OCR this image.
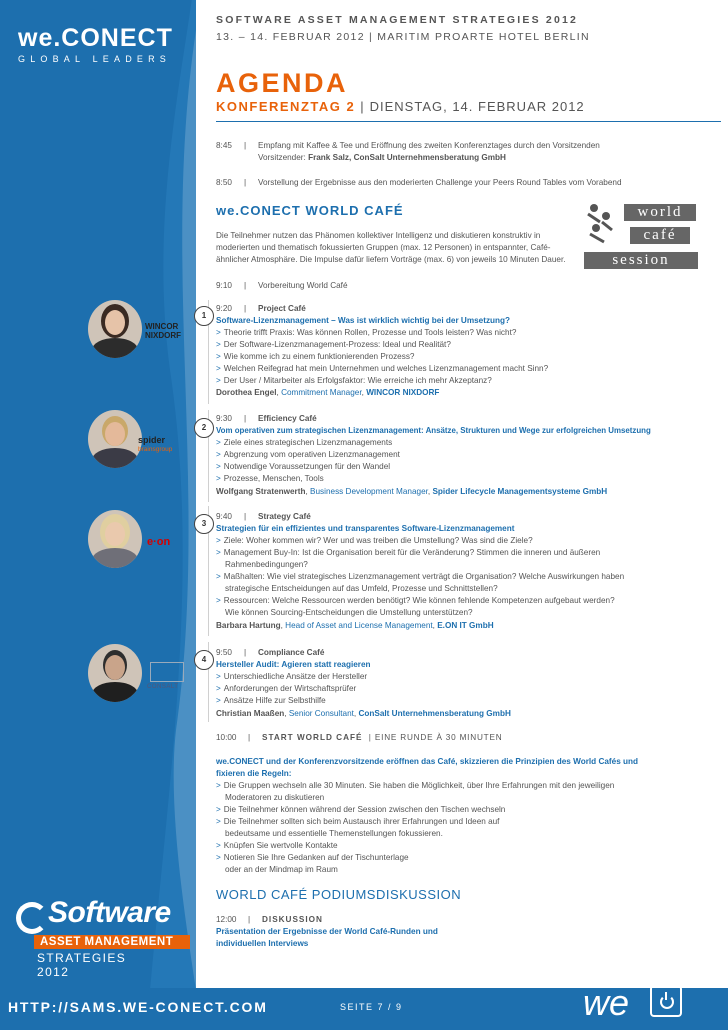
we.CONECT
GLOBAL LEADERS
Software
ASSET MANAGEMENT
STRATEGIES 2012	RESEARCHED & DEVELOPED BY
SOFTWARE ASSET MANAGEMENT STRATEGIES 2012
13. – 14. FEBRUAR 2012 | MARITIM PROARTE HOTEL BERLIN
AGENDA
KONFERENZTAG 2 | DIENSTAG, 14. FEBRUAR 2012
8:45 | Empfang mit Kaffee & Tee und Eröffnung des zweiten Konferenztages durch den Vorsitzenden
Vorsitzender: Frank Salz, ConSalt Unternehmensberatung GmbH
8:50 | Vorstellung der Ergebnisse aus den moderierten Challenge your Peers Round Tables vom Vorabend
we.CONECT WORLD CAFÉ
Die Teilnehmer nutzen das Phänomen kollektiver Intelligenz und diskutieren konstruktiv in
moderierten und thematisch fokussierten Gruppen (max. 12 Personen) in entspannter, Café-
ähnlicher Atmosphäre. Die Impulse dafür liefern Vorträge (max. 6) von jeweils 10 Minuten Dauer.
world
café
session
9:10 | Vorbereitung World Café
1
WINCOR
NIXDORF
9:20 | Project Café
Software-Lizenzmanagement – Was ist wirklich wichtig bei der Umsetzung?
> Theorie trifft Praxis: Was können Rollen, Prozesse und Tools leisten? Was nicht?
> Der Software-Lizenzmanagement-Prozess: Ideal und Realität?
> Wie komme ich zu einem funktionierenden Prozess?
> Welchen Reifegrad hat mein Unternehmen und welches Lizenzmanagement macht Sinn?
> Der User / Mitarbeiter als Erfolgsfaktor: Wie erreiche ich mehr Akzeptanz?
Dorothea Engel, Commitment Manager, WINCOR NIXDORF
2
spider
brainsgroup
9:30 | Efficiency Café
Vom operativen zum strategischen Lizenzmanagement: Ansätze, Strukturen und Wege zur erfolgreichen Umsetzung
> Ziele eines strategischen Lizenzmanagements
> Abgrenzung vom operativen Lizenzmanagement
> Notwendige Voraussetzungen für den Wandel
> Prozesse, Menschen, Tools
Wolfgang Stratenwerth, Business Development Manager, Spider Lifecycle Managementsysteme GmbH
3
e·on
9:40 | Strategy Café
Strategien für ein effizientes und transparentes Software-Lizenzmanagement
> Ziele: Woher kommen wir? Wer und was treiben die Umstellung? Was sind die Ziele?
> Management Buy-In: Ist die Organisation bereit für die Veränderung? Stimmen die inneren und äußeren
Rahmenbedingungen?
> Maßhalten: Wie viel strategisches Lizenzmanagement verträgt die Organisation? Welche Auswirkungen haben
strategische Entscheidungen auf das Umfeld, Prozesse und Schnittstellen?
> Ressourcen: Welche Ressourcen werden benötigt? Wie können fehlende Kompetenzen aufgebaut werden?
Wie können Sourcing-Entscheidungen die Umstellung unterstützen?
Barbara Hartung, Head of Asset and License Management, E.ON IT GmbH
4
CONSALT
9:50 | Compliance Café
Hersteller Audit: Agieren statt reagieren
> Unterschiedliche Ansätze der Hersteller
> Anforderungen der Wirtschaftsprüfer
> Ansätze Hilfe zur Selbsthilfe
Christian Maaßen, Senior Consultant, ConSalt Unternehmensberatung GmbH
10:00 | START WORLD CAFÉ | EINE RUNDE À 30 MINUTEN
we.CONECT und der Konferenzvorsitzende eröffnen das Café, skizzieren die Prinzipien des World Cafés und
fixieren die Regeln:
> Die Gruppen wechseln alle 30 Minuten. Sie haben die Möglichkeit, über Ihre Erfahrungen mit den jeweiligen
Moderatoren zu diskutieren
> Die Teilnehmer können während der Session zwischen den Tischen wechseln
> Die Teilnehmer sollten sich beim Austausch ihrer Erfahrungen und Ideen auf
bedeutsame und essentielle Themenstellungen fokussieren.
> Knüpfen Sie wertvolle Kontakte
> Notieren Sie Ihre Gedanken auf der Tischunterlage
oder an der Mindmap im Raum
WORLD CAFÉ PODIUMSDISKUSSION
12:00 | DISKUSSION
Präsentation der Ergebnisse der World Café-Runden und
individuellen Interviews
HTTP://SAMS.WE-CONECT.COM	SEITE 7 / 9	we
IT
